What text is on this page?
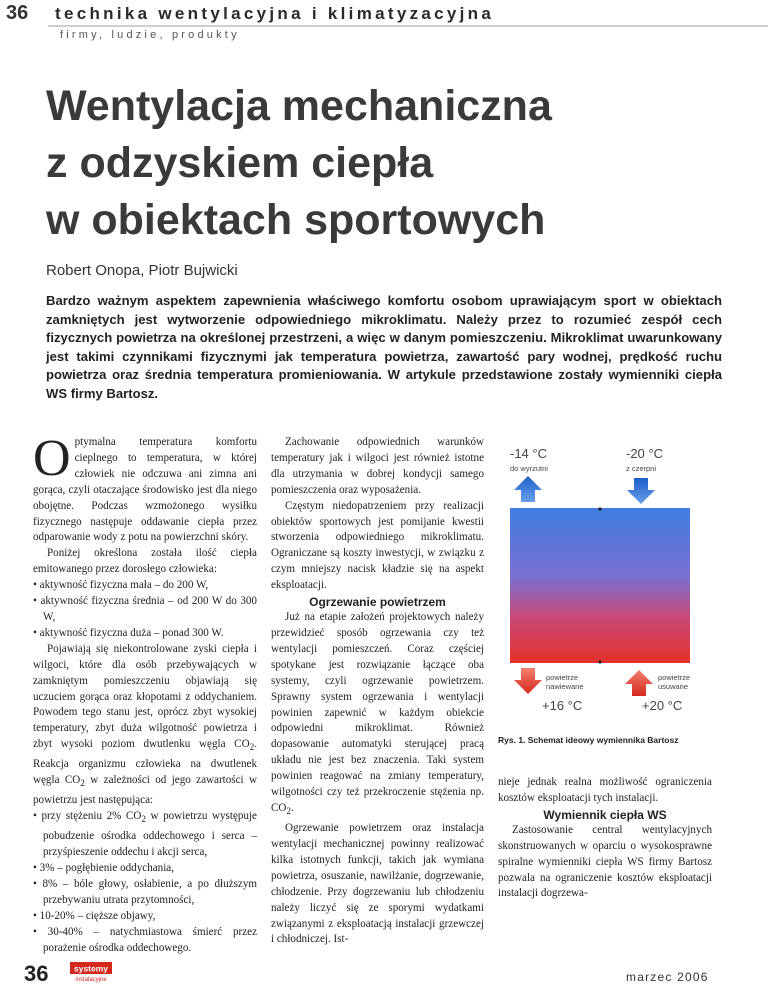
36 technika wentylacyjna i klimatyzacyjna
firmy, ludzie, produkty
Wentylacja mechaniczna
z odzyskiem ciepła
w obiektach sportowych
Robert Onopa, Piotr Bujwicki
Bardzo ważnym aspektem zapewnienia właściwego komfortu osobom uprawiającym sport w obiektach zamkniętych jest wytworzenie odpowiedniego mikroklimatu. Należy przez to rozumieć zespół cech fizycznych powietrza na określonej przestrzeni, a więc w danym pomieszczeniu. Mikroklimat uwarunkowany jest takimi czynnikami fizycznymi jak temperatura powietrza, zawartość pary wodnej, prędkość ruchu powietrza oraz średnia temperatura promieniowania. W artykule przedstawione zostały wymienniki ciepła WS firmy Bartosz.

Optymalna temperatura komfortu cieplnego to temperatura, w której człowiek nie odczuwa ani zimna ani gorąca, czyli otaczające środowisko jest dla niego obojętne. Podczas wzmożonego wysiłku fizycznego następuje oddawanie ciepła przez odparowanie wody z potu na powierzchni skóry.

Poniżej określona została ilość ciepła emitowanego przez dorosłego człowieka:

• aktywność fizyczna mała – do 200 W,
• aktywność fizyczna średnia – od 200 W do 300 W,
• aktywność fizyczna duża – ponad 300 W.

Pojawiają się niekontrolowane zyski ciepła i wilgoci, które dla osób przebywających w zamkniętym pomieszczeniu objawiają się uczuciem gorąca oraz kłopotami z oddychaniem. Powodem tego stanu jest, oprócz zbyt wysokiej temperatury, zbyt duża wilgotność powietrza i zbyt wysoki poziom dwutlenku węgla $CO_2$. Reakcja organizmu człowieka na dwutlenek węgla $CO_2$ w zależności od jego zawartości w powietrzu jest następująca:

• przy stężeniu 2% $CO_2$ w powietrzu występuje pobudzenie ośrodka oddechowego i serca – przyśpieszenie oddechu i akcji serca,
• 3% – pogłębienie oddychania,
• 8% – bóle głowy, osłabienie, a po dłuższym przebywaniu utrata przytomności,
• 10-20% – cięższe objawy,
• 30-40% – natychmiastowa śmierć przez porażenie ośrodka oddechowego.

Zachowanie odpowiednich warunków temperatury jak i wilgoci jest również istotne dla utrzymania w dobrej kondycji samego pomieszczenia oraz wyposażenia.

Częstym niedopatrzeniem przy realizacji obiektów sportowych jest pomijanie kwestii stworzenia odpowiedniego mikroklimatu. Ograniczane są koszty inwestycji, w związku z czym mniejszy nacisk kładzie się na aspekt eksploatacji.

Ogrzewanie powietrzem

Już na etapie założeń projektowych należy przewidzieć sposób ogrzewania czy też wentylacji pomieszczeń. Coraz częściej spotykane jest rozwiązanie łączące oba systemy, czyli ogrzewanie powietrzem. Sprawny system ogrzewania i wentylacji powinien zapewnić w każdym obiekcie odpowiedni mikroklimat. Również dopasowanie automatyki sterującej pracą układu nie jest bez znaczenia. Taki system powinien reagować na zmiany temperatury, wilgotności czy też przekroczenie stężenia np. $CO_2$.

Ogrzewanie powietrzem oraz instalacja wentylacji mechanicznej powinny realizować kilka istotnych funkcji, takich jak wymiana powietrza, osuszanie, nawilżanie, dogrzewanie, chłodzenie. Przy dogrzewaniu lub chłodzeniu należy liczyć się ze sporymi wydatkami związanymi z eksploatacją instalacji grzewczej i chłodniczej. Ist-

-14 °C
do wyrzutni
-20 °C
z czerpni
powietrze
nawiewane
+16 °C
powietrze
usuwane
+20 °C
Rys. 1. Schemat ideowy wymiennika Bartosz

nieje jednak realna możliwość ograniczenia kosztów eksploatacji tych instalacji.

Wymiennik ciepła WS

Zastosowanie central wentylacyjnych skonstruowanych w oparciu o wysokosprawne spiralne wymienniki ciepła WS firmy Bartosz pozwala na ograniczenie kosztów eksploatacji instalacji dogrzewa-

36	systemy
instalacyjne	marzec 2006
